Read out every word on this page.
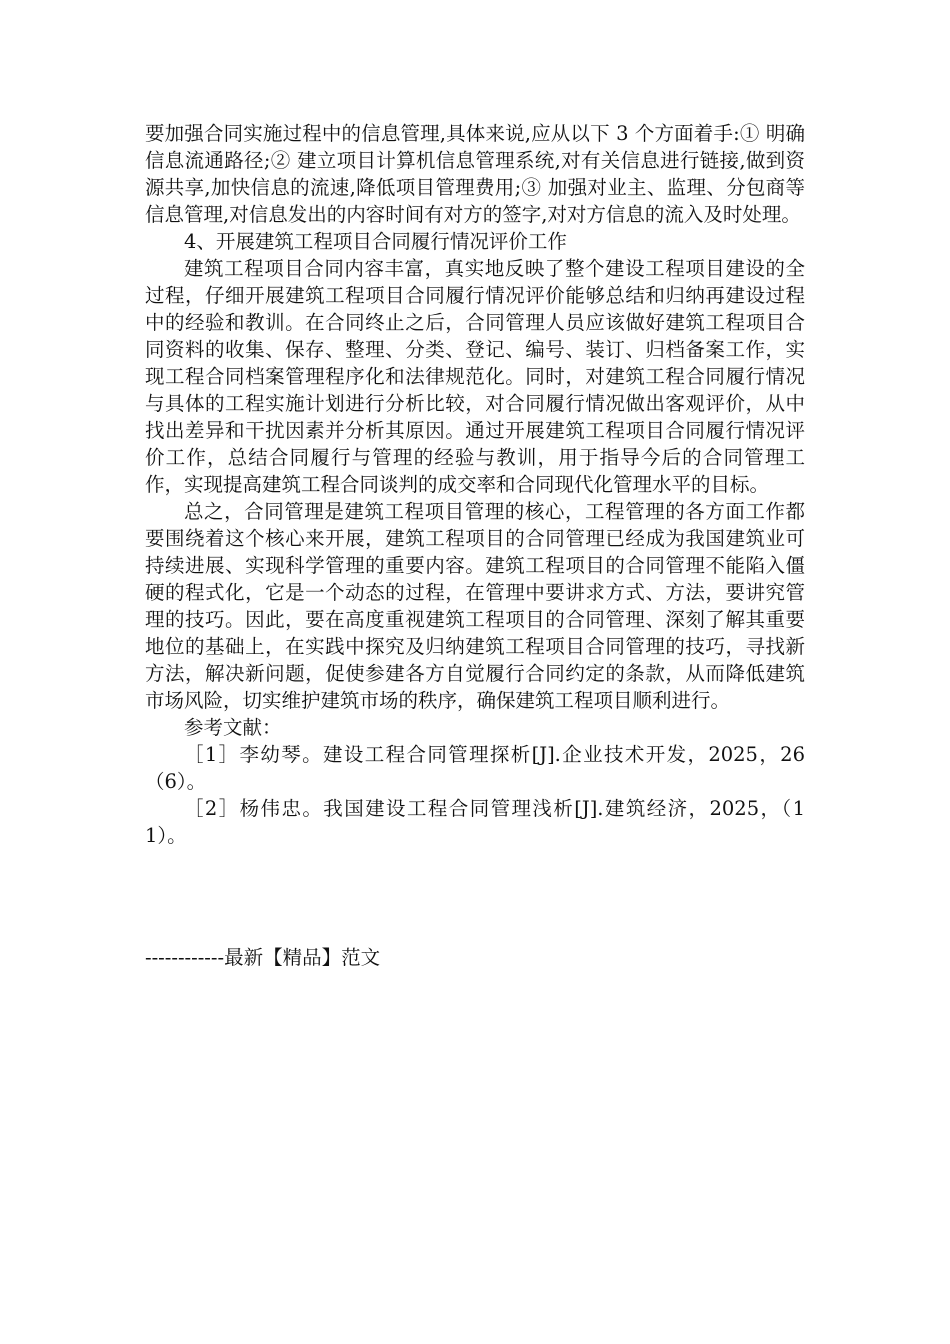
要加强合同实施过程中的信息管理,具体来说,应从以下 3 个方面着手:① 明确信息流通路径;② 建立项目计算机信息管理系统,对有关信息进行链接,做到资源共享,加快信息的流速,降低项目管理费用;③ 加强对业主、监理、分包商等信息管理,对信息发出的内容时间有对方的签字,对对方信息的流入及时处理。

4、开展建筑工程项目合同履行情况评价工作

建筑工程项目合同内容丰富，真实地反映了整个建设工程项目建设的全过程，仔细开展建筑工程项目合同履行情况评价能够总结和归纳再建设过程中的经验和教训。在合同终止之后，合同管理人员应该做好建筑工程项目合同资料的收集、保存、整理、分类、登记、编号、装订、归档备案工作，实现工程合同档案管理程序化和法律规范化。同时，对建筑工程合同履行情况与具体的工程实施计划进行分析比较，对合同履行情况做出客观评价，从中找出差异和干扰因素并分析其原因。通过开展建筑工程项目合同履行情况评价工作，总结合同履行与管理的经验与教训，用于指导今后的合同管理工作，实现提高建筑工程合同谈判的成交率和合同现代化管理水平的目标。

总之，合同管理是建筑工程项目管理的核心，工程管理的各方面工作都要围绕着这个核心来开展，建筑工程项目的合同管理已经成为我国建筑业可持续进展、实现科学管理的重要内容。建筑工程项目的合同管理不能陷入僵硬的程式化，它是一个动态的过程，在管理中要讲求方式、方法，要讲究管理的技巧。因此，要在高度重视建筑工程项目的合同管理、深刻了解其重要地位的基础上，在实践中探究及归纳建筑工程项目合同管理的技巧，寻找新方法，解决新问题，促使参建各方自觉履行合同约定的条款，从而降低建筑市场风险，切实维护建筑市场的秩序，确保建筑工程项目顺利进行。

参考文献：

［1］李幼琴。建设工程合同管理探析[J].企业技术开发，2025，26（6）。

［2］杨伟忠。我国建设工程合同管理浅析[J].建筑经济，2025，（11）。

------------最新【精品】范文
